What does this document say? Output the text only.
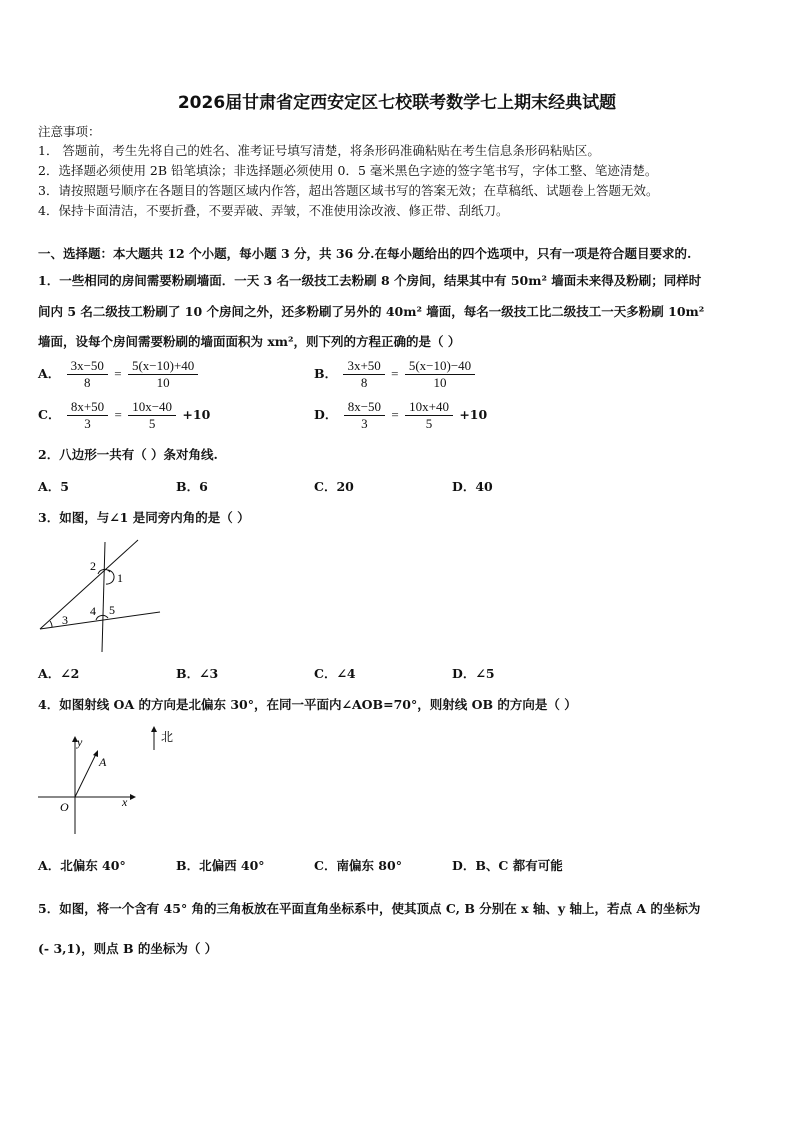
2026届甘肃省定西安定区七校联考数学七上期末经典试题
注意事项：
1． 答题前，考生先将自己的姓名、准考证号填写清楚，将条形码准确粘贴在考生信息条形码粘贴区。
2．选择题必须使用 2B 铅笔填涂；非选择题必须使用 0．5 毫米黑色字迹的签字笔书写，字体工整、笔迹清楚。
3．请按照题号顺序在各题目的答题区域内作答，超出答题区域书写的答案无效；在草稿纸、试题卷上答题无效。
4．保持卡面清洁，不要折叠，不要弄破、弄皱，不准使用涂改液、修正带、刮纸刀。
一、选择题：本大题共 12 个小题，每小题 3 分，共 36 分.在每小题给出的四个选项中，只有一项是符合题目要求的.
1．一些相同的房间需要粉刷墙面．一天 3 名一级技工去粉刷 8 个房间，结果其中有 50m² 墙面未来得及粉刷；同样时
间内 5 名二级技工粉刷了 10 个房间之外，还多粉刷了另外的 40m² 墙面，每名一级技工比二级技工一天多粉刷 10m²
墙面，设每个房间需要粉刷的墙面面积为 xm²，则下列的方程正确的是（ ）
A． $\frac{3x-50}{8} = \frac{5(x-10)+40}{10}$	B． $\frac{3x+50}{8} = \frac{5(x-10)-40}{10}$
C． $\frac{8x+50}{3} = \frac{10x-40}{5} +10$	D． $\frac{8x-50}{3} = \frac{10x+40}{5} +10$
2．八边形一共有（ ）条对角线.
A．5	B．6	C．20	D．40
3．如图，与∠1 是同旁内角的是（ ）
2
1
4 5
3
A．∠2	B．∠3	C．∠4	D．∠5
4．如图射线 OA 的方向是北偏东 30°，在同一平面内∠AOB=70°，则射线 OB 的方向是（ ）
北
y
A
O	x
A．北偏东 40°	B．北偏西 40°	C．南偏东 80°	D．B、C 都有可能
5．如图，将一个含有 45° 角的三角板放在平面直角坐标系中，使其顶点 C, B 分别在 x 轴、y 轴上，若点 A 的坐标为
(- 3,1)，则点 B 的坐标为（ ）
